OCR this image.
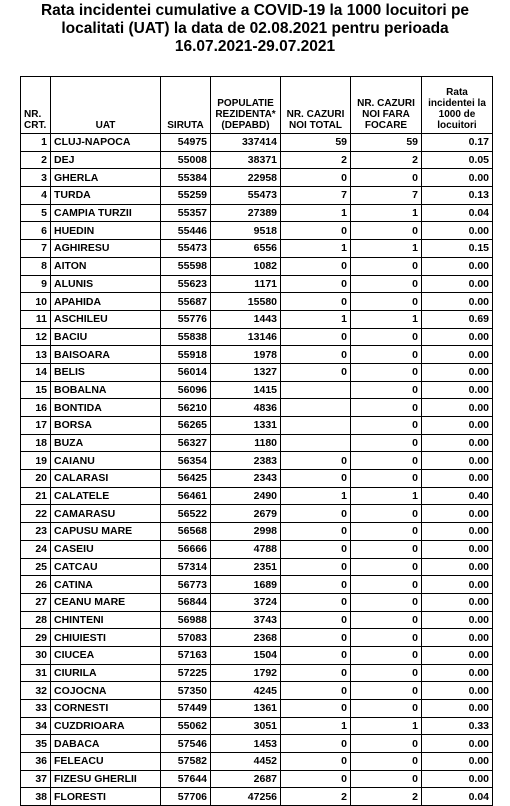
Rata incidentei cumulative a COVID-19 la 1000 locuitori pe
localitati (UAT) la data de 02.08.2021 pentru perioada
16.07.2021-29.07.2021
NR. CRT.	UAT	SIRUTA	POPULATIE REZIDENTA* (DEPABD)	NR. CAZURI NOI TOTAL	NR. CAZURI NOI FARA FOCARE	Rata incidentei la 1000 de locuitori
1	CLUJ-NAPOCA	54975	337414	59	59	0.17
2	DEJ	55008	38371	2	2	0.05
3	GHERLA	55384	22958	0	0	0.00
4	TURDA	55259	55473	7	7	0.13
5	CAMPIA TURZII	55357	27389	1	1	0.04
6	HUEDIN	55446	9518	0	0	0.00
7	AGHIRESU	55473	6556	1	1	0.15
8	AITON	55598	1082	0	0	0.00
9	ALUNIS	55623	1171	0	0	0.00
10	APAHIDA	55687	15580	0	0	0.00
11	ASCHILEU	55776	1443	1	1	0.69
12	BACIU	55838	13146	0	0	0.00
13	BAISOARA	55918	1978	0	0	0.00
14	BELIS	56014	1327	0	0	0.00
15	BOBALNA	56096	1415		0	0.00
16	BONTIDA	56210	4836		0	0.00
17	BORSA	56265	1331		0	0.00
18	BUZA	56327	1180		0	0.00
19	CAIANU	56354	2383	0	0	0.00
20	CALARASI	56425	2343	0	0	0.00
21	CALATELE	56461	2490	1	1	0.40
22	CAMARASU	56522	2679	0	0	0.00
23	CAPUSU MARE	56568	2998	0	0	0.00
24	CASEIU	56666	4788	0	0	0.00
25	CATCAU	57314	2351	0	0	0.00
26	CATINA	56773	1689	0	0	0.00
27	CEANU MARE	56844	3724	0	0	0.00
28	CHINTENI	56988	3743	0	0	0.00
29	CHIUIESTI	57083	2368	0	0	0.00
30	CIUCEA	57163	1504	0	0	0.00
31	CIURILA	57225	1792	0	0	0.00
32	COJOCNA	57350	4245	0	0	0.00
33	CORNESTI	57449	1361	0	0	0.00
34	CUZDRIOARA	55062	3051	1	1	0.33
35	DABACA	57546	1453	0	0	0.00
36	FELEACU	57582	4452	0	0	0.00
37	FIZESU GHERLII	57644	2687	0	0	0.00
38	FLORESTI	57706	47256	2	2	0.04
